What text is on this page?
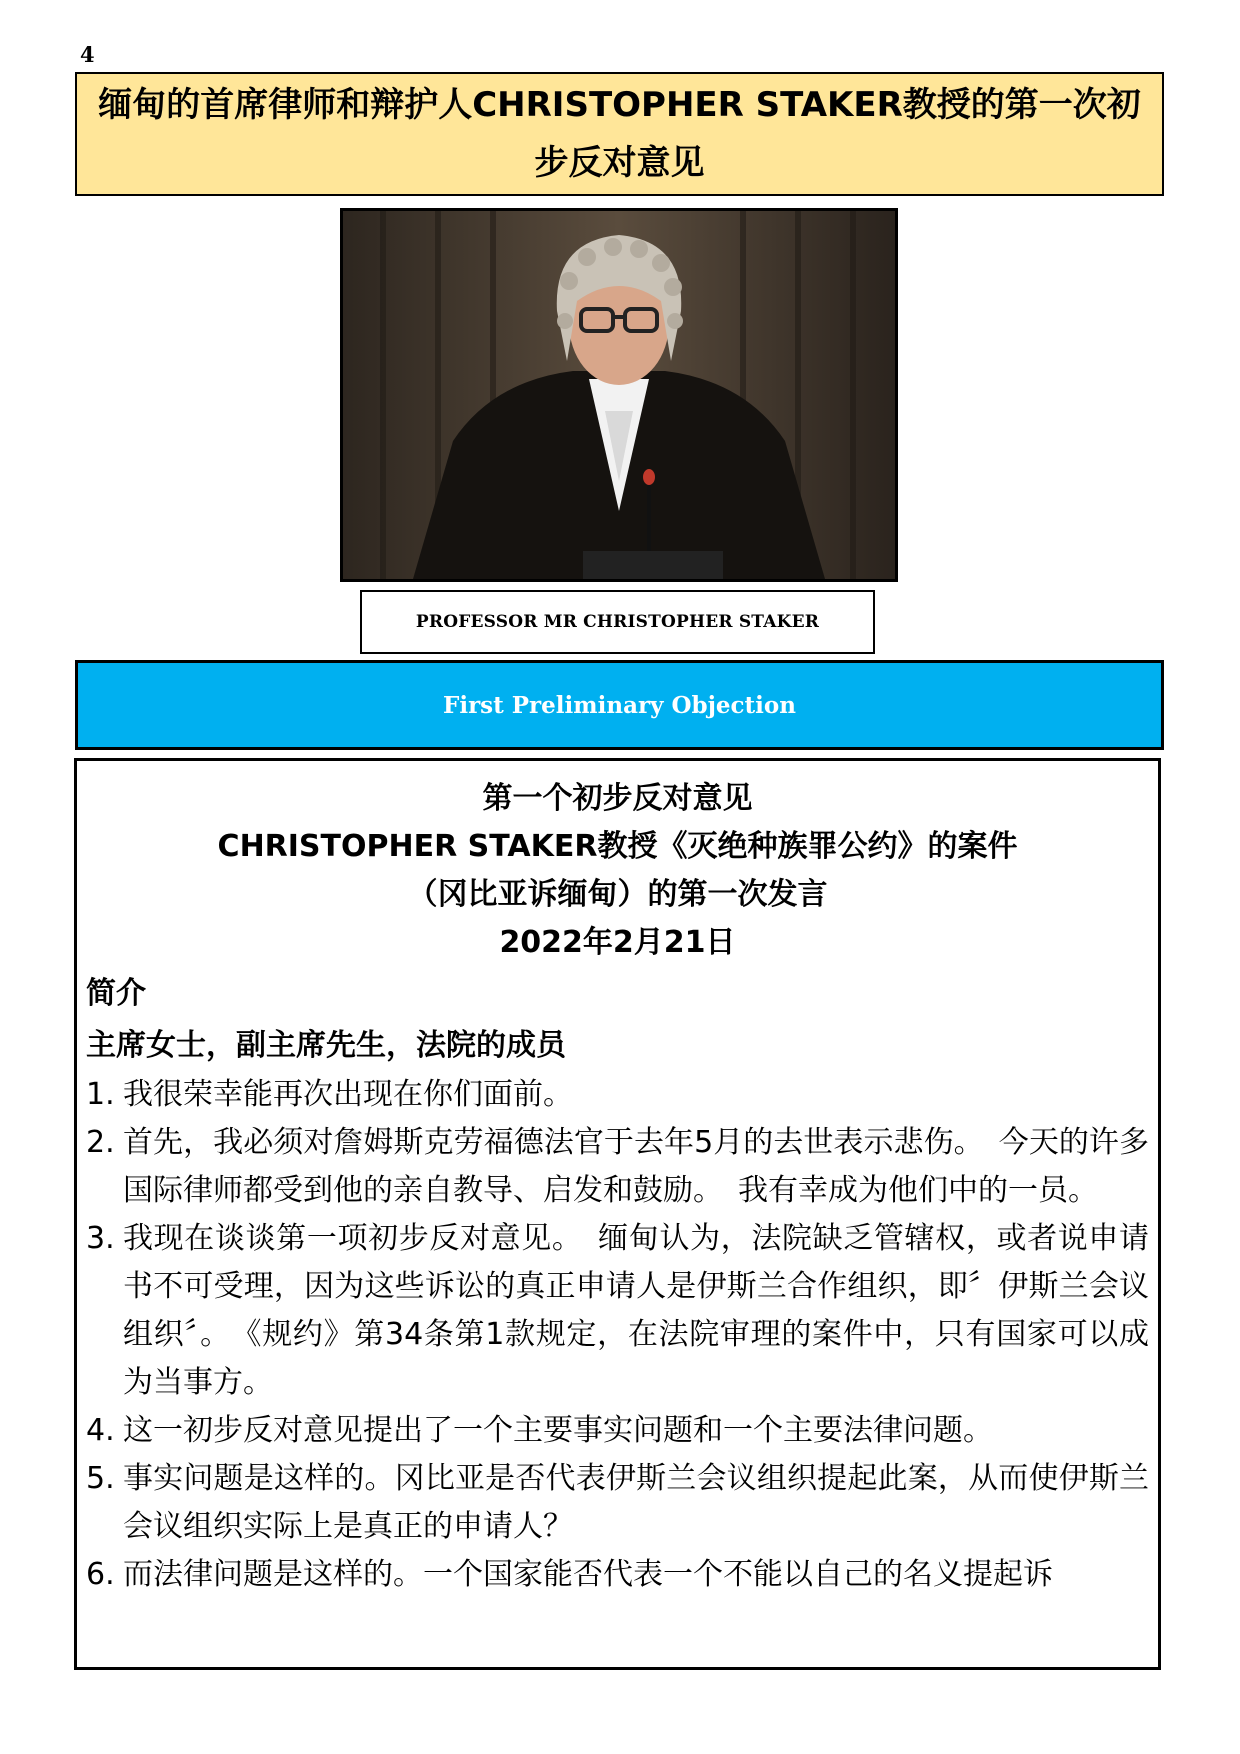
4
缅甸的首席律师和辩护人CHRISTOPHER STAKER教授的第一次初步反对意见
PROFESSOR MR CHRISTOPHER STAKER
First Preliminary Objection
第一个初步反对意见
CHRISTOPHER STAKER教授《灭绝种族罪公约》的案件
（冈比亚诉缅甸）的第一次发言
2022年2月21日
简介
主席女士，副主席先生，法院的成员
1. 我很荣幸能再次出现在你们面前。
2. 首先，我必须对詹姆斯克劳福德法官于去年5月的去世表示悲伤。　今天的许多国际律师都受到他的亲自教导、启发和鼓励。　我有幸成为他们中的一员。
3. 我现在谈谈第一项初步反对意见。　缅甸认为，法院缺乏管辖权，或者说申请书不可受理，因为这些诉讼的真正申请人是伊斯兰合作组织，即〞伊斯兰会议组织〞。　《规约》第34条第1款规定，在法院审理的案件中，只有国家可以成为当事方。
4. 这一初步反对意见提出了一个主要事实问题和一个主要法律问题。
5. 事实问题是这样的。冈比亚是否代表伊斯兰会议组织提起此案，从而使伊斯兰会议组织实际上是真正的申请人？
6. 而法律问题是这样的。一个国家能否代表一个不能以自己的名义提起诉
